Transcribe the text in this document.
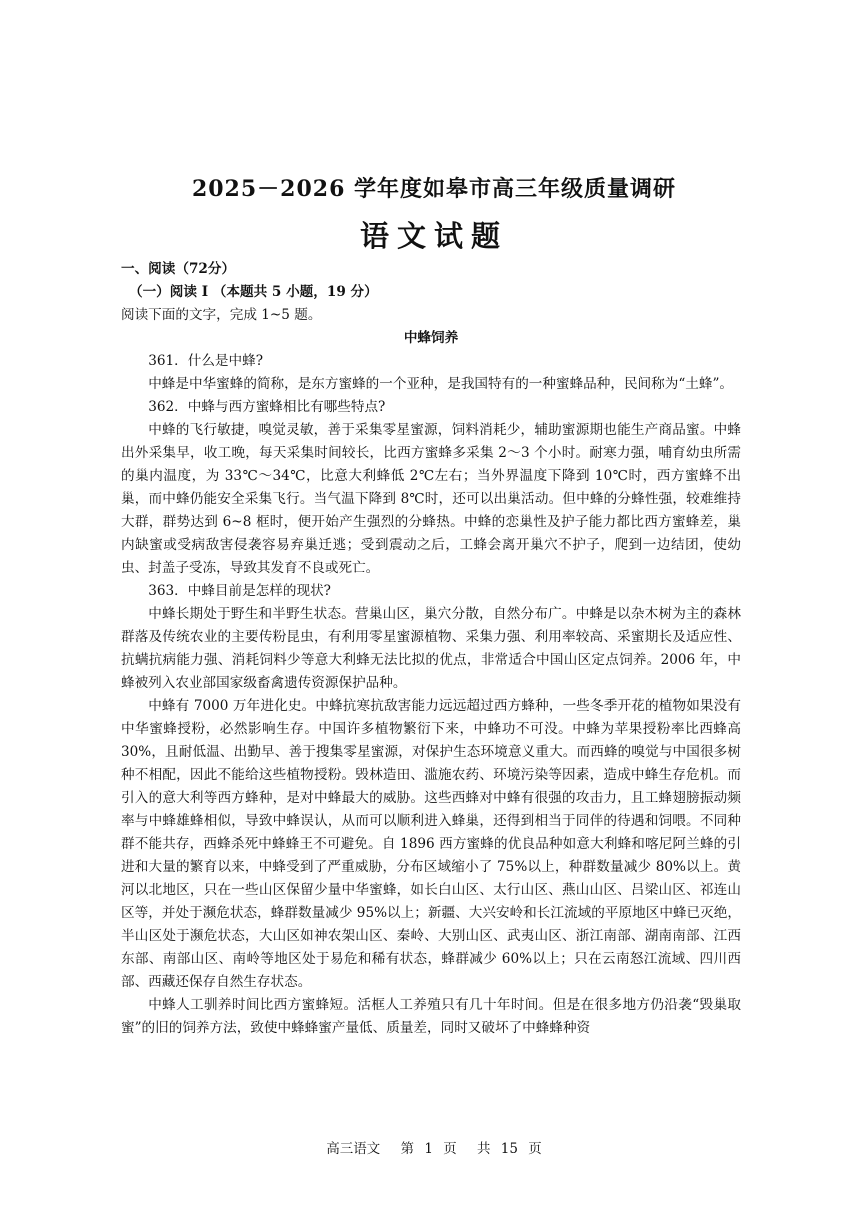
2025－2026 学年度如皋市高三年级质量调研
语文试题

一、阅读（72分）

（一）阅读 I （本题共 5 小题，19 分）

阅读下面的文字，完成 1~5 题。

中蜂饲养

361．什么是中蜂?

中蜂是中华蜜蜂的简称，是东方蜜蜂的一个亚种，是我国特有的一种蜜蜂品种，民间称为“土蜂”。

362．中蜂与西方蜜蜂相比有哪些特点?

中蜂的飞行敏捷，嗅觉灵敏，善于采集零星蜜源，饲料消耗少，辅助蜜源期也能生产商品蜜。中蜂出外采集早，收工晚，每天采集时间较长，比西方蜜蜂多采集 2～3 个小时。耐寒力强，哺育幼虫所需的巢内温度，为 33℃～34℃，比意大利蜂低 2℃左右；当外界温度下降到 10℃时，西方蜜蜂不出巢，而中蜂仍能安全采集飞行。当气温下降到 8℃时，还可以出巢活动。但中蜂的分蜂性强，较难维持大群，群势达到 6~8 框时，便开始产生强烈的分蜂热。中蜂的恋巢性及护子能力都比西方蜜蜂差，巢内缺蜜或受病敌害侵袭容易弃巢迁逃；受到震动之后，工蜂会离开巢穴不护子，爬到一边结团，使幼虫、封盖子受冻，导致其发育不良或死亡。

363．中蜂目前是怎样的现状?

中蜂长期处于野生和半野生状态。营巢山区，巢穴分散，自然分布广。中蜂是以杂木树为主的森林群落及传统农业的主要传粉昆虫，有利用零星蜜源植物、采集力强、利用率较高、采蜜期长及适应性、抗螨抗病能力强、消耗饲料少等意大利蜂无法比拟的优点，非常适合中国山区定点饲养。2006 年，中蜂被列入农业部国家级畜禽遗传资源保护品种。

中蜂有 7000 万年进化史。中蜂抗寒抗敌害能力远远超过西方蜂种，一些冬季开花的植物如果没有中华蜜蜂授粉，必然影响生存。中国许多植物繁衍下来，中蜂功不可没。中蜂为苹果授粉率比西蜂高 30%，且耐低温、出勤早、善于搜集零星蜜源，对保护生态环境意义重大。而西蜂的嗅觉与中国很多树种不相配，因此不能给这些植物授粉。毁林造田、滥施农药、环境污染等因素，造成中蜂生存危机。而引入的意大利等西方蜂种，是对中蜂最大的威胁。这些西蜂对中蜂有很强的攻击力，且工蜂翅膀振动频率与中蜂雄蜂相似，导致中蜂误认，从而可以顺利进入蜂巢，还得到相当于同伴的待遇和饲喂。不同种群不能共存，西蜂杀死中蜂蜂王不可避免。自 1896 西方蜜蜂的优良品种如意大利蜂和喀尼阿兰蜂的引进和大量的繁育以来，中蜂受到了严重威胁，分布区域缩小了 75%以上，种群数量减少 80%以上。黄河以北地区，只在一些山区保留少量中华蜜蜂，如长白山区、太行山区、燕山山区、吕梁山区、祁连山区等，并处于濒危状态，蜂群数量减少 95%以上；新疆、大兴安岭和长江流域的平原地区中蜂已灭绝，半山区处于濒危状态，大山区如神农架山区、秦岭、大别山区、武夷山区、浙江南部、湖南南部、江西东部、南部山区、南岭等地区处于易危和稀有状态，蜂群减少 60%以上；只在云南怒江流域、四川西部、西藏还保存自然生存状态。

中蜂人工驯养时间比西方蜜蜂短。活框人工养殖只有几十年时间。但是在很多地方仍沿袭“毁巢取蜜”的旧的饲养方法，致使中蜂蜂蜜产量低、质量差，同时又破坏了中蜂蜂种资

高三语文 第 1 页 共 15 页
